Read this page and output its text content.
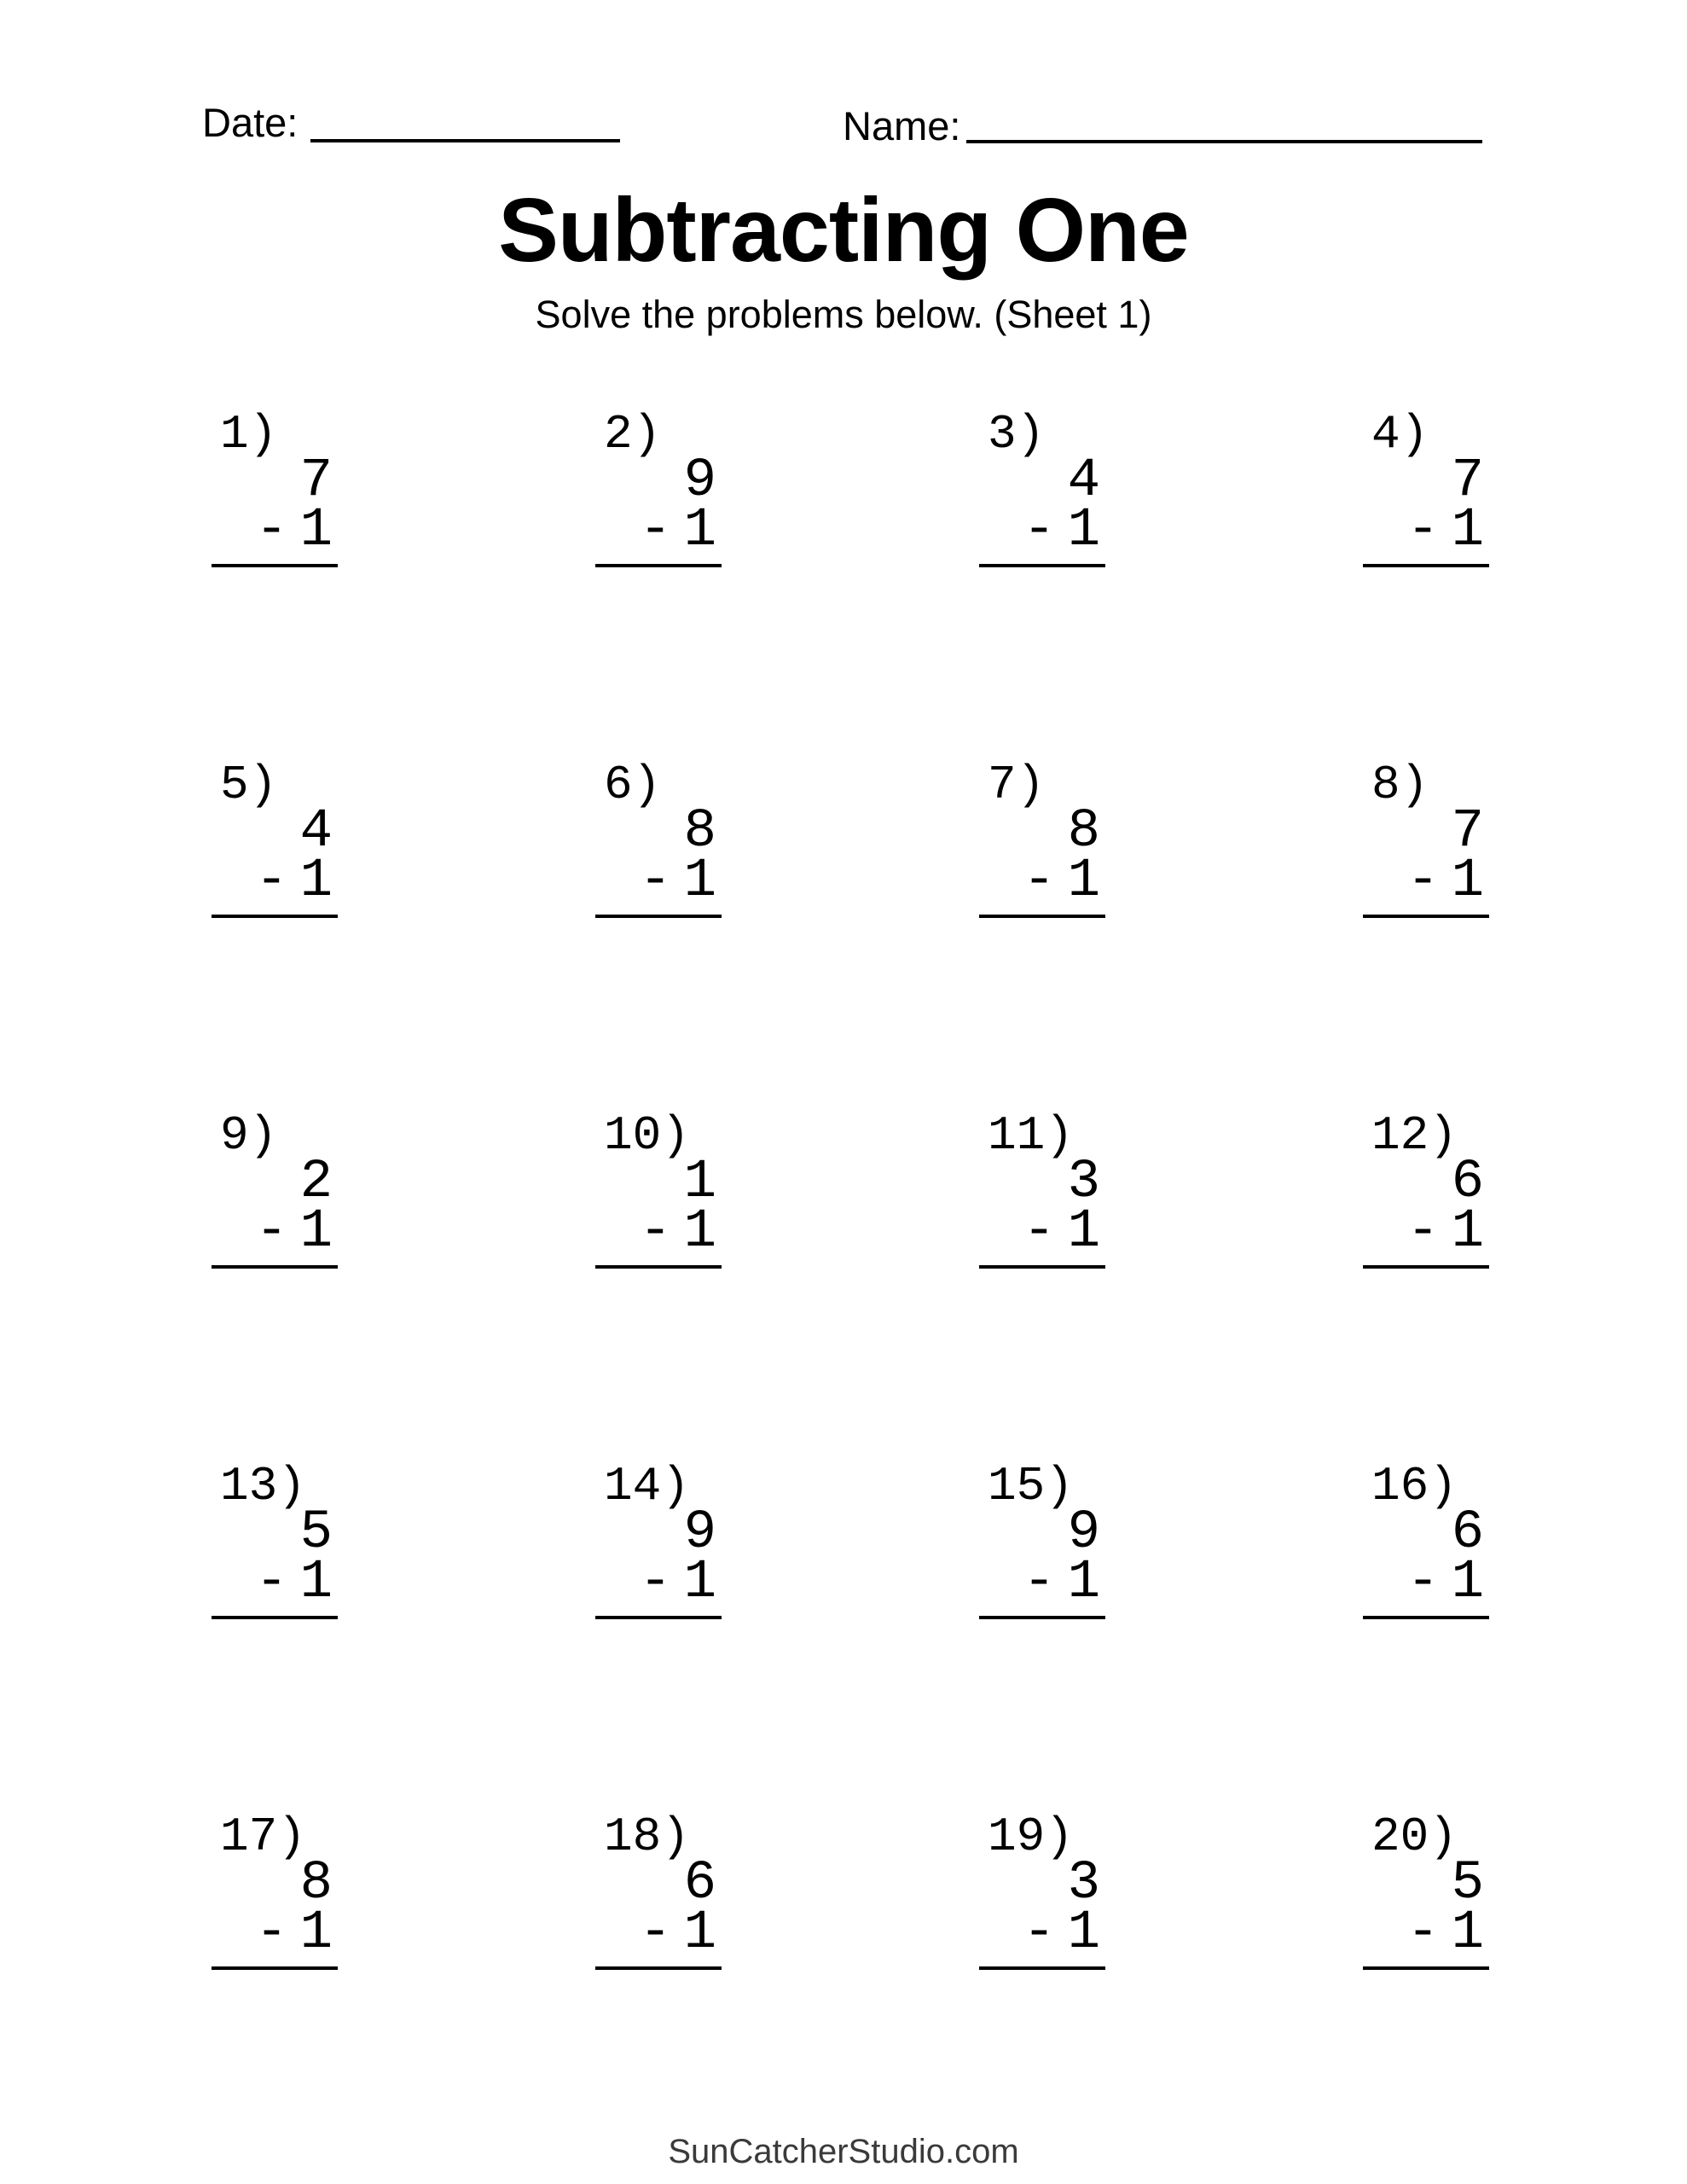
Date:	Name:
Subtracting One
Solve the problems below. (Sheet 1)
1)
7
- 1
2)
9
- 1
3)
4
- 1
4)
7
- 1
5)
4
- 1
6)
8
- 1
7)
8
- 1
8)
7
- 1
9)
2
- 1
10)
1
- 1
11)
3
- 1
12)
6
- 1
13)
5
- 1
14)
9
- 1
15)
9
- 1
16)
6
- 1
17)
8
- 1
18)
6
- 1
19)
3
- 1
20)
5
- 1
SunCatcherStudio.com
